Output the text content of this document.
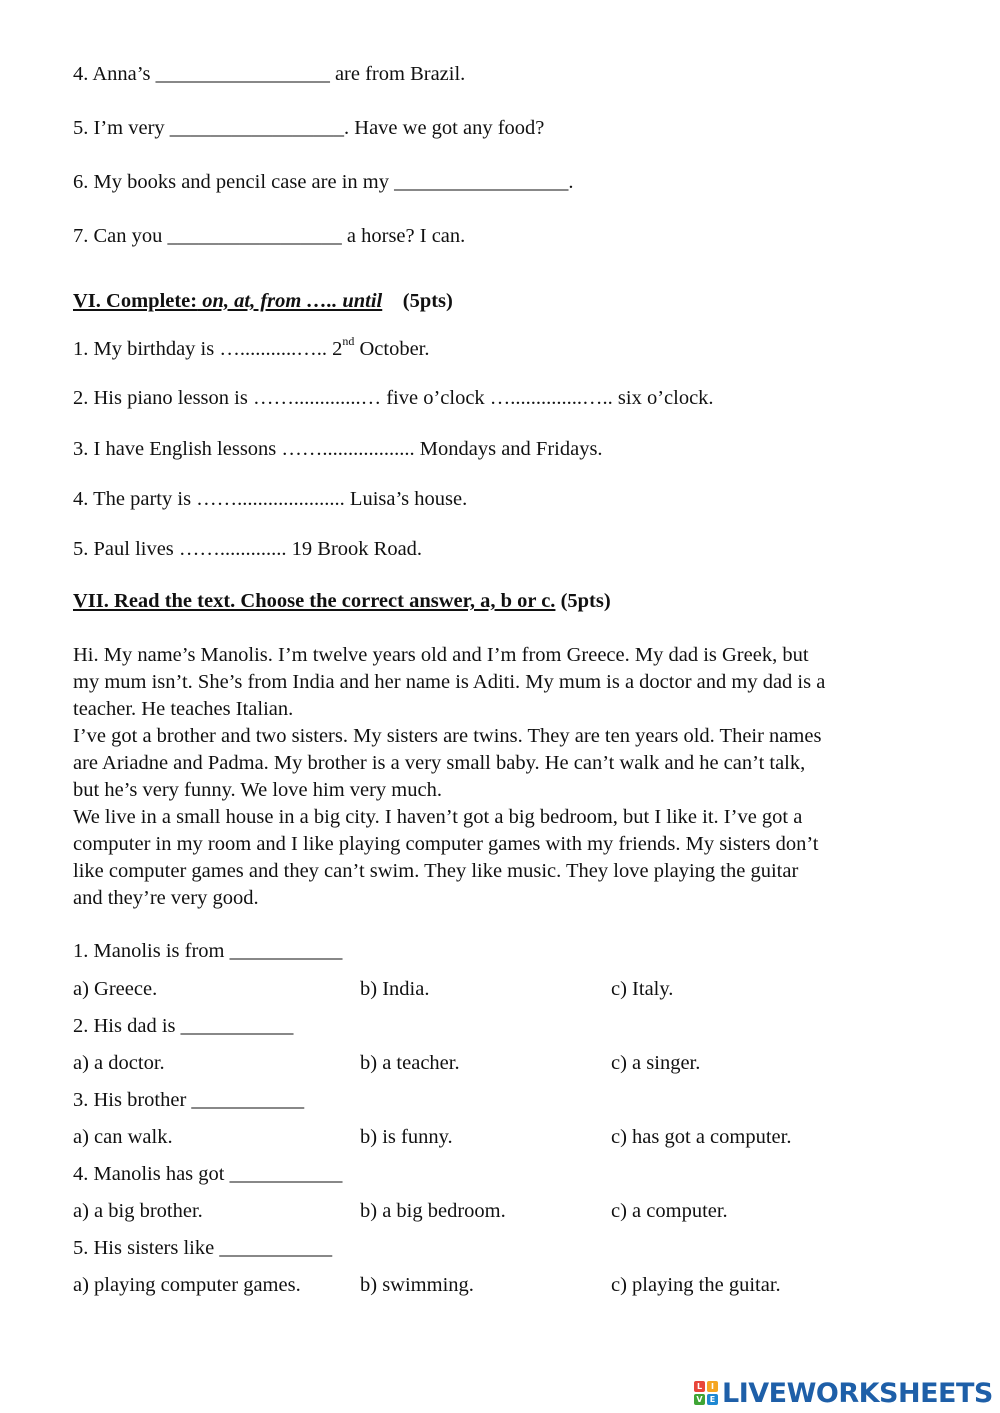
4. Anna’s _________________ are from Brazil.
5. I’m very _________________. Have we got any food?
6. My books and pencil case are in my _________________.
7. Can you _________________ a horse? I can.
VI. Complete: on, at, from ….. until (5pts)
1. My birthday is …...........….. 2nd October.
2. His piano lesson is …….............… five o’clock …..............….. six o’clock.
3. I have English lessons …….................. Mondays and Fridays.
4. The party is ……..................... Luisa’s house.
5. Paul lives ……............. 19 Brook Road.
VII. Read the text. Choose the correct answer, a, b or c. (5pts)
Hi. My name’s Manolis. I’m twelve years old and I’m from Greece. My dad is Greek, but
my mum isn’t. She’s from India and her name is Aditi. My mum is a doctor and my dad is a
teacher. He teaches Italian.
I’ve got a brother and two sisters. My sisters are twins. They are ten years old. Their names
are Ariadne and Padma. My brother is a very small baby. He can’t walk and he can’t talk,
but he’s very funny. We love him very much.
We live in a small house in a big city. I haven’t got a big bedroom, but I like it. I’ve got a
computer in my room and I like playing computer games with my friends. My sisters don’t
like computer games and they can’t swim. They like music. They love playing the guitar
and they’re very good.
1. Manolis is from ___________
a) Greece.	b) India.	c) Italy.
2. His dad is ___________
a) a doctor.	b) a teacher.	c) a singer.
3. His brother ___________
a) can walk.	b) is funny.	c) has got a computer.
4. Manolis has got ___________
a) a big brother.	b) a big bedroom.	c) a computer.
5. His sisters like ___________
a) playing computer games.	b) swimming.	c) playing the guitar.
L	I
V E LIVEWORKSHEETS
